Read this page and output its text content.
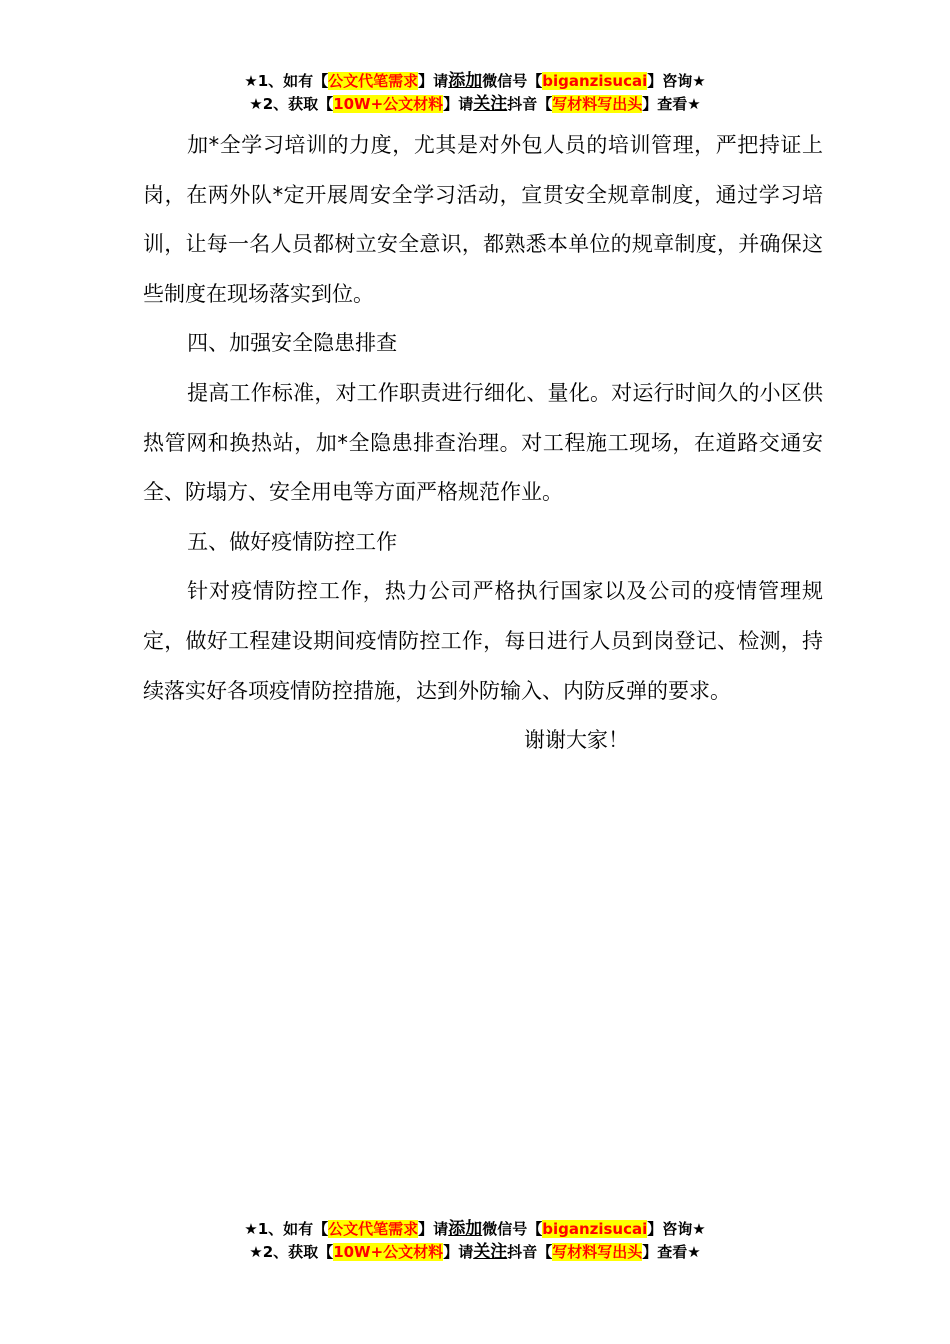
★1、如有【公文代笔需求】请添加微信号【biganzisucai】咨询★
★2、获取【10W+公文材料】请关注抖音【写材料写出头】查看★

加*全学习培训的力度，尤其是对外包人员的培训管理，严把持证上岗，在两外队*定开展周安全学习活动，宣贯安全规章制度，通过学习培训，让每一名人员都树立安全意识，都熟悉本单位的规章制度，并确保这些制度在现场落实到位。

四、加强安全隐患排查

提高工作标准，对工作职责进行细化、量化。对运行时间久的小区供热管网和换热站，加*全隐患排查治理。对工程施工现场，在道路交通安全、防塌方、安全用电等方面严格规范作业。

五、做好疫情防控工作

针对疫情防控工作，热力公司严格执行国家以及公司的疫情管理规定，做好工程建设期间疫情防控工作，每日进行人员到岗登记、检测，持续落实好各项疫情防控措施，达到外防输入、内防反弹的要求。

谢谢大家！

★1、如有【公文代笔需求】请添加微信号【biganzisucai】咨询★
★2、获取【10W+公文材料】请关注抖音【写材料写出头】查看★
